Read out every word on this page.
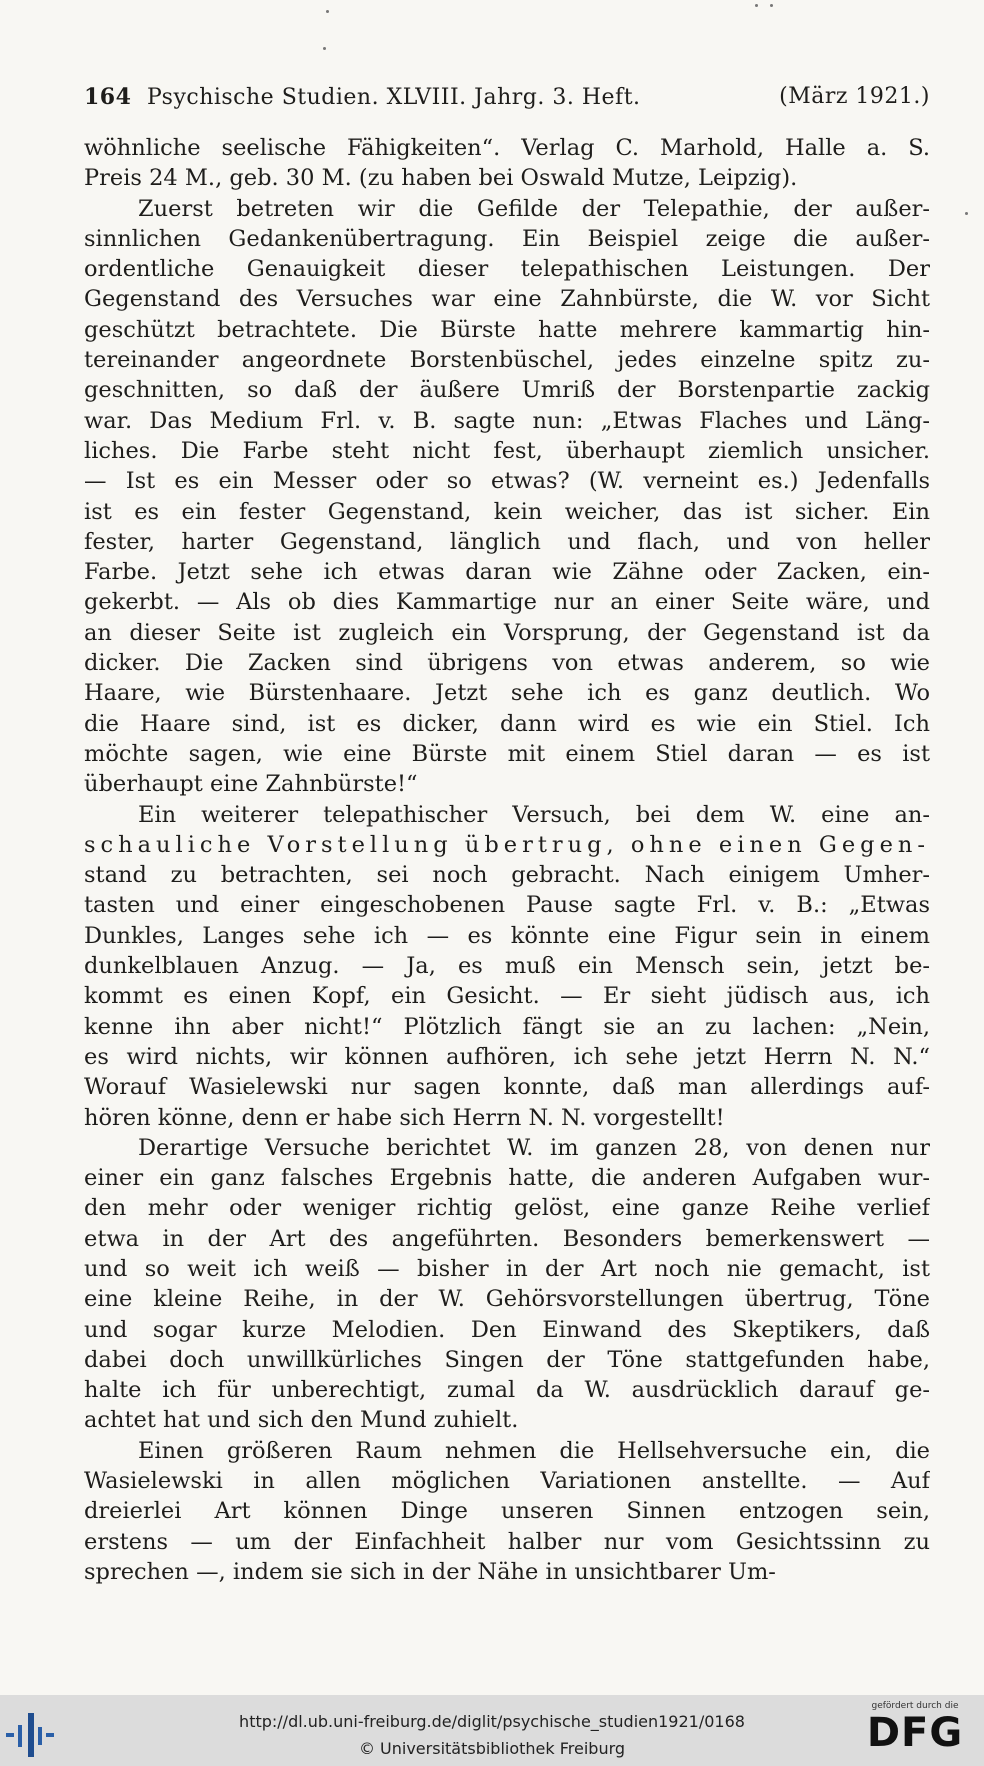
164 Psychische Studien. XLVIII. Jahrg. 3. Heft.	(März 1921.)

wöhnliche seelische Fähigkeiten“. Verlag C. Marhold, Halle a. S.
Preis 24 M., geb. 30 M. (zu haben bei Oswald Mutze, Leipzig).

Zuerst betreten wir die Gefilde der Telepathie, der außer-
sinnlichen Gedankenübertragung. Ein Beispiel zeige die außer-
ordentliche Genauigkeit dieser telepathischen Leistungen. Der
Gegenstand des Versuches war eine Zahnbürste, die W. vor Sicht
geschützt betrachtete. Die Bürste hatte mehrere kammartig hin-
tereinander angeordnete Borstenbüschel, jedes einzelne spitz zu-
geschnitten, so daß der äußere Umriß der Borstenpartie zackig
war. Das Medium Frl. v. B. sagte nun: „Etwas Flaches und Läng-
liches. Die Farbe steht nicht fest, überhaupt ziemlich unsicher.
— Ist es ein Messer oder so etwas? (W. verneint es.) Jedenfalls
ist es ein fester Gegenstand, kein weicher, das ist sicher. Ein
fester, harter Gegenstand, länglich und flach, und von heller
Farbe. Jetzt sehe ich etwas daran wie Zähne oder Zacken, ein-
gekerbt. — Als ob dies Kammartige nur an einer Seite wäre, und
an dieser Seite ist zugleich ein Vorsprung, der Gegenstand ist da
dicker. Die Zacken sind übrigens von etwas anderem, so wie
Haare, wie Bürstenhaare. Jetzt sehe ich es ganz deutlich. Wo
die Haare sind, ist es dicker, dann wird es wie ein Stiel. Ich
möchte sagen, wie eine Bürste mit einem Stiel daran — es ist
überhaupt eine Zahnbürste!“

Ein weiterer telepathischer Versuch, bei dem W. eine an-
schauliche Vorstellung übertrug, ohne einen Gegen-
stand zu betrachten, sei noch gebracht. Nach einigem Umher-
tasten und einer eingeschobenen Pause sagte Frl. v. B.: „Etwas
Dunkles, Langes sehe ich — es könnte eine Figur sein in einem
dunkelblauen Anzug. — Ja, es muß ein Mensch sein, jetzt be-
kommt es einen Kopf, ein Gesicht. — Er sieht jüdisch aus, ich
kenne ihn aber nicht!“ Plötzlich fängt sie an zu lachen: „Nein,
es wird nichts, wir können aufhören, ich sehe jetzt Herrn N. N.“
Worauf Wasielewski nur sagen konnte, daß man allerdings auf-
hören könne, denn er habe sich Herrn N. N. vorgestellt!

Derartige Versuche berichtet W. im ganzen 28, von denen nur
einer ein ganz falsches Ergebnis hatte, die anderen Aufgaben wur-
den mehr oder weniger richtig gelöst, eine ganze Reihe verlief
etwa in der Art des angeführten. Besonders bemerkenswert —
und so weit ich weiß — bisher in der Art noch nie gemacht, ist
eine kleine Reihe, in der W. Gehörsvorstellungen übertrug, Töne
und sogar kurze Melodien. Den Einwand des Skeptikers, daß
dabei doch unwillkürliches Singen der Töne stattgefunden habe,
halte ich für unberechtigt, zumal da W. ausdrücklich darauf ge-
achtet hat und sich den Mund zuhielt.

Einen größeren Raum nehmen die Hellsehversuche ein, die
Wasielewski in allen möglichen Variationen anstellte. — Auf
dreierlei Art können Dinge unseren Sinnen entzogen sein,
erstens — um der Einfachheit halber nur vom Gesichtssinn zu
sprechen —, indem sie sich in der Nähe in unsichtbarer Um-

http://dl.ub.uni-freiburg.de/diglit/psychische_studien1921/0168
© Universitätsbibliothek Freiburg
gefördert durch die
DFG
